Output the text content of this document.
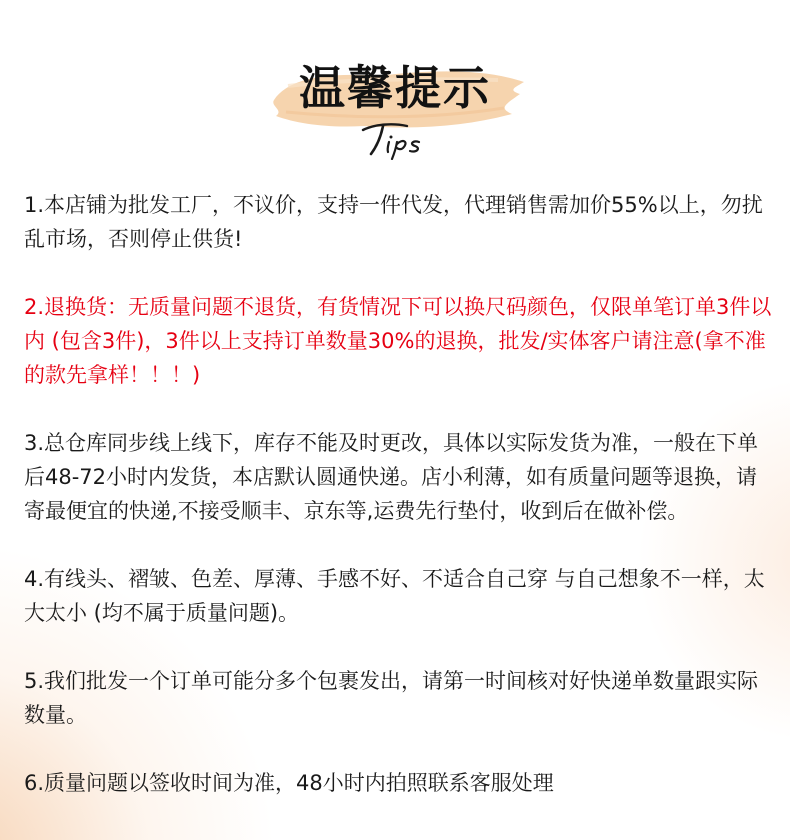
温馨提示

1.本店铺为批发工厂，不议价，支持一件代发，代理销售需加价55%以上，勿扰乱市场，否则停止供货!

2.退换货：无质量问题不退货，有货情况下可以换尺码颜色，仅限单笔订单3件以内 (包含3件)，3件以上支持订单数量30%的退换，批发/实体客户请注意(拿不准的款先拿样！！！)

3.总仓库同步线上线下，库存不能及时更改，具体以实际发货为准，一般在下单后48-72小时内发货，本店默认圆通快递。店小利薄，如有质量问题等退换，请寄最便宜的快递,不接受顺丰、京东等,运费先行垫付，收到后在做补偿。

4.有线头、褶皱、色差、厚薄、手感不好、不适合自己穿 与自己想象不一样，太大太小 (均不属于质量问题)。

5.我们批发一个订单可能分多个包裹发出，请第一时间核对好快递单数量跟实际数量。

6.质量问题以签收时间为准，48小时内拍照联系客服处理
